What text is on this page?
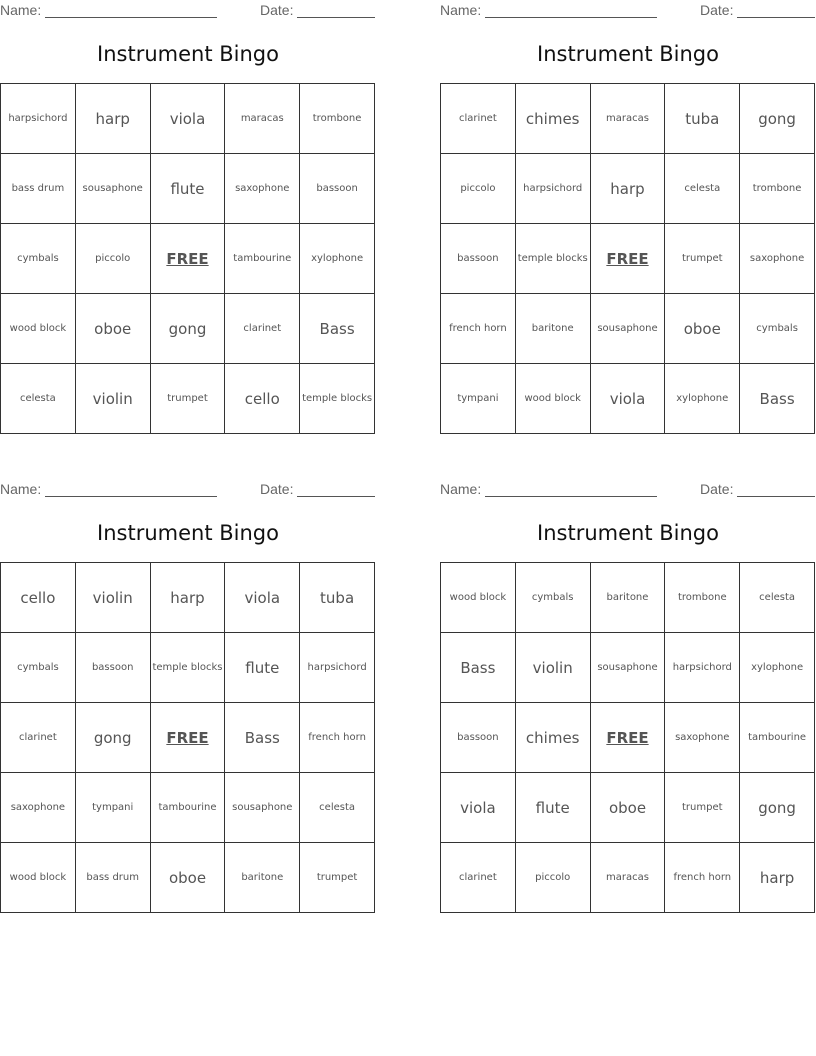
Name:	Date:
Instrument Bingo
harpsichord	harp	viola	maracas	trombone
bass drum	sousaphone	flute	saxophone	bassoon
cymbals	piccolo	FREE	tambourine	xylophone
wood block	oboe	gong	clarinet	Bass
celesta	violin	trumpet	cello	temple blocks
Name:	Date:
Instrument Bingo
clarinet	chimes	maracas	tuba	gong
piccolo	harpsichord	harp	celesta	trombone
bassoon	temple blocks	FREE	trumpet	saxophone
french horn	baritone	sousaphone	oboe	cymbals
tympani	wood block	viola	xylophone	Bass
Name:	Date:
Instrument Bingo
cello	violin	harp	viola	tuba
cymbals	bassoon	temple blocks	flute	harpsichord
clarinet	gong	FREE	Bass	french horn
saxophone	tympani	tambourine	sousaphone	celesta
wood block	bass drum	oboe	baritone	trumpet
Name:	Date:
Instrument Bingo
wood block	cymbals	baritone	trombone	celesta
Bass	violin	sousaphone	harpsichord	xylophone
bassoon	chimes	FREE	saxophone	tambourine
viola	flute	oboe	trumpet	gong
clarinet	piccolo	maracas	french horn	harp
